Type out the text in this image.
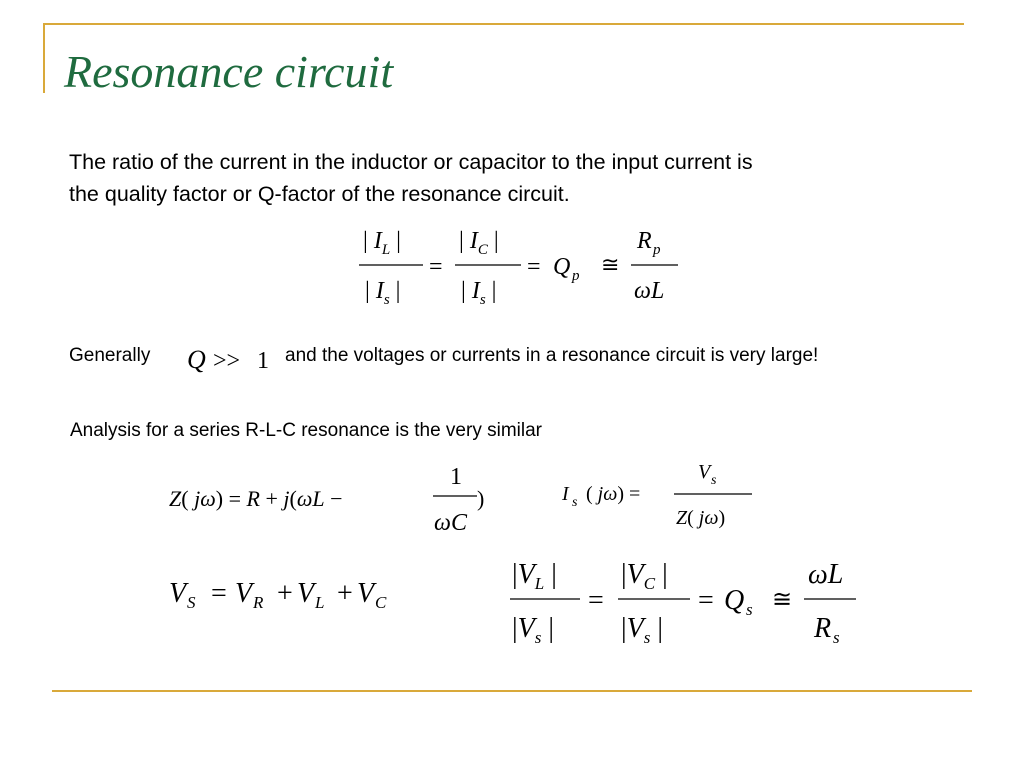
Resonance circuit
The ratio of the current in the inductor or capacitor to the input current is
the quality factor or Q-factor of the resonance circuit.
| $I_L$ |
| $I_s$ |
=
| $I_C$ |
| $I_s$ |
= Q p ≅
R p
ωL
Generally Q >> 1 and the voltages or currents in a resonance circuit is very large!
Analysis for a series R-L-C resonance is the very similar
Z( jω) = R + j(ωL −
1
ωC
)	I s ( jω) =
V s
Z( jω)
V S = V R + V L + V C
$|V_L$ |
$|V_s$ |
=
$|V_C$ |
$|V_s$ |
= Q s ≅
ωL
R s
